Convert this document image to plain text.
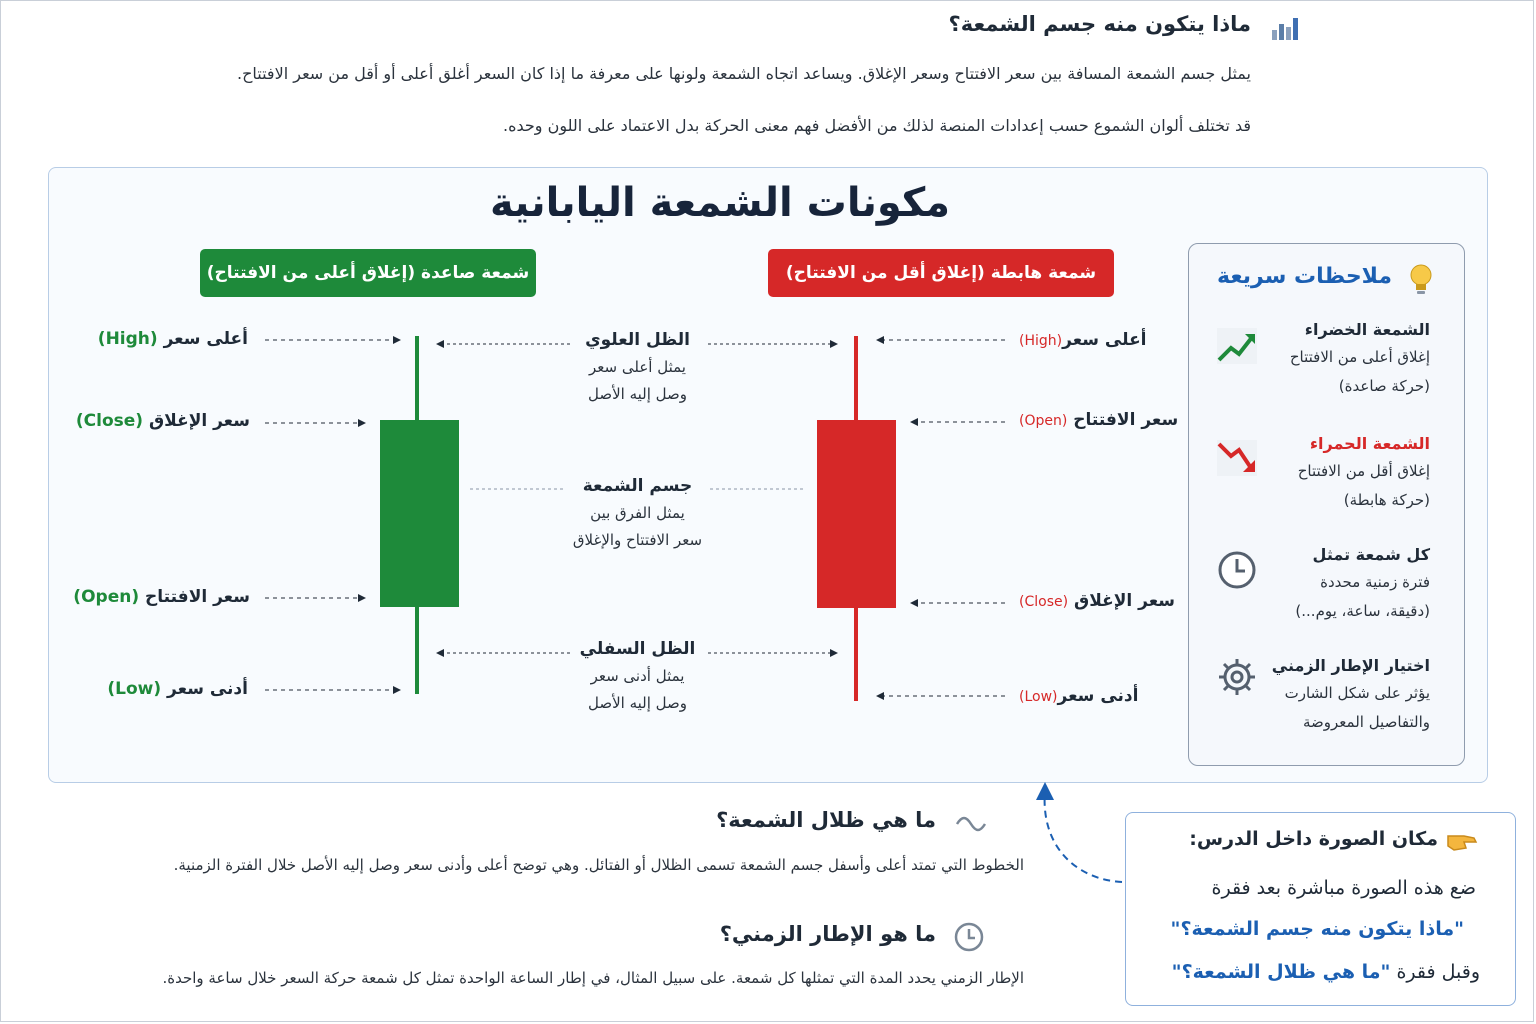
ماذا يتكون منه جسم الشمعة؟
يمثل جسم الشمعة المسافة بين سعر الافتتاح وسعر الإغلاق. ويساعد اتجاه الشمعة ولونها على معرفة ما إذا كان السعر أغلق أعلى أو أقل من سعر الافتتاح.
قد تختلف ألوان الشموع حسب إعدادات المنصة لذلك من الأفضل فهم معنى الحركة بدل الاعتماد على اللون وحده.
مكونات الشمعة اليابانية
شمعة صاعدة (إغلاق أعلى من الافتتاح)	شمعة هابطة (إغلاق أقل من الافتتاح)
أعلى سعر (High)
سعر الإغلاق (Close)
سعر الافتتاح (Open)
أدنى سعر (Low)
أعلى سعر(High)
سعر الافتتاح (Open)
سعر الإغلاق (Close)
أدنى سعر(Low)
الظل العلوي
يمثل أعلى سعر
وصل إليه الأصل
جسم الشمعة
يمثل الفرق بين
سعر الافتتاح والإغلاق
الظل السفلي
يمثل أدنى سعر
وصل إليه الأصل
ملاحظات سريعة
الشمعة الخضراء
إغلاق أعلى من الافتتاح
(حركة صاعدة)
الشمعة الحمراء
إغلاق أقل من الافتتاح
(حركة هابطة)
كل شمعة تمثل
فترة زمنية محددة
(دقيقة، ساعة، يوم...)
اختيار الإطار الزمني
يؤثر على شكل الشارت
والتفاصيل المعروضة
ما هي ظلال الشمعة؟
الخطوط التي تمتد أعلى وأسفل جسم الشمعة تسمى الظلال أو الفتائل. وهي توضح أعلى وأدنى سعر وصل إليه الأصل خلال الفترة الزمنية.
ما هو الإطار الزمني؟
الإطار الزمني يحدد المدة التي تمثلها كل شمعة. على سبيل المثال، في إطار الساعة الواحدة تمثل كل شمعة حركة السعر خلال ساعة واحدة.
مكان الصورة داخل الدرس:
ضع هذه الصورة مباشرة بعد فقرة
"ماذا يتكون منه جسم الشمعة؟"
وقبل فقرة "ما هي ظلال الشمعة؟"
